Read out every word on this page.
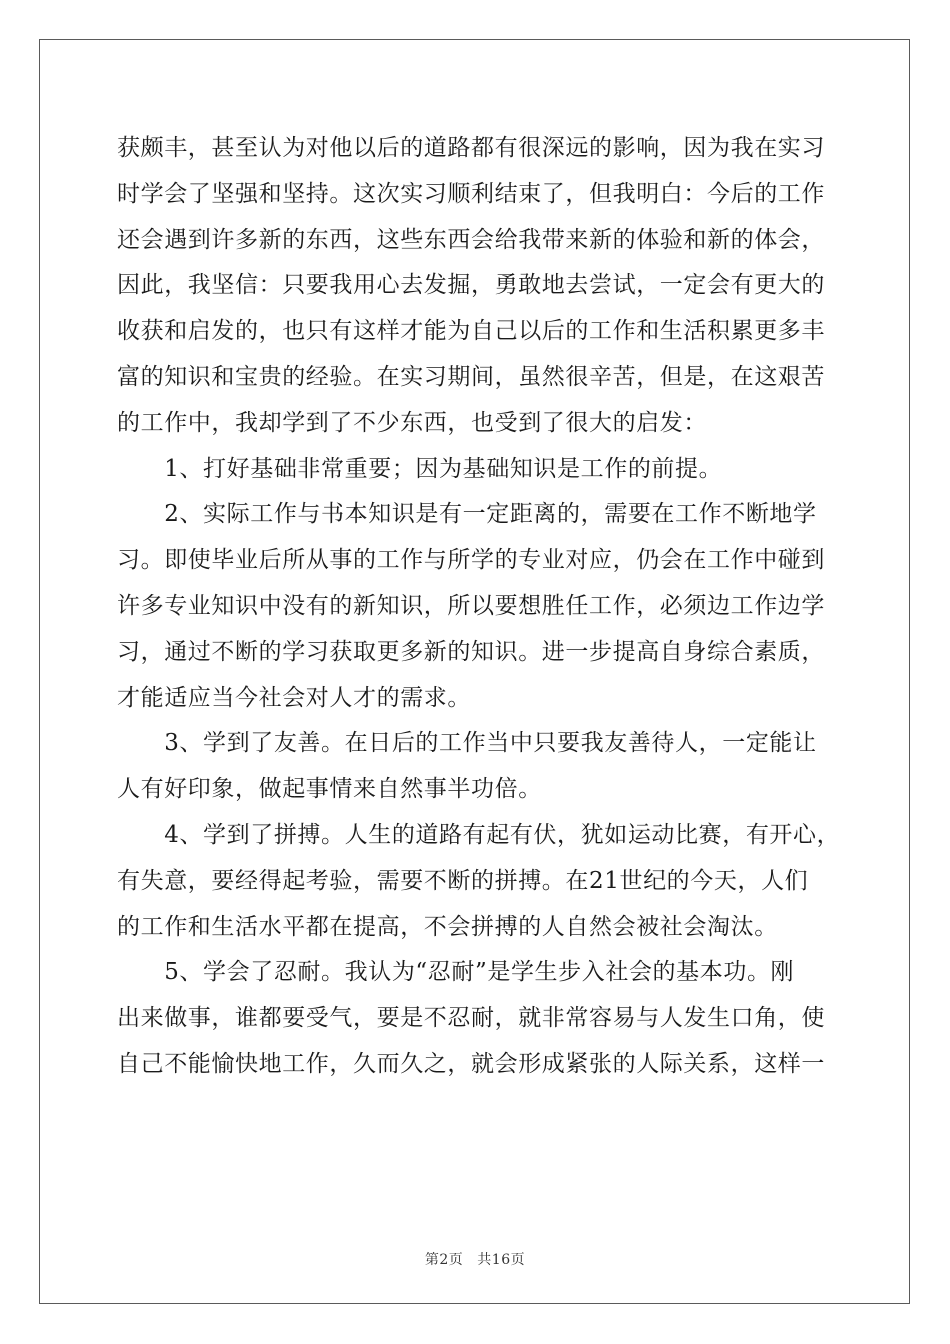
获颇丰，甚至认为对他以后的道路都有很深远的影响，因为我在实习
时学会了坚强和坚持。这次实习顺利结束了，但我明白：今后的工作
还会遇到许多新的东西，这些东西会给我带来新的体验和新的体会，
因此，我坚信：只要我用心去发掘，勇敢地去尝试，一定会有更大的
收获和启发的，也只有这样才能为自己以后的工作和生活积累更多丰
富的知识和宝贵的经验。在实习期间，虽然很辛苦，但是，在这艰苦
的工作中，我却学到了不少东西，也受到了很大的启发：
　　1、打好基础非常重要；因为基础知识是工作的前提。
　　2、实际工作与书本知识是有一定距离的，需要在工作不断地学
习。即使毕业后所从事的工作与所学的专业对应，仍会在工作中碰到
许多专业知识中没有的新知识，所以要想胜任工作，必须边工作边学
习，通过不断的学习获取更多新的知识。进一步提高自身综合素质，
才能适应当今社会对人才的需求。
　　3、学到了友善。在日后的工作当中只要我友善待人，一定能让
人有好印象，做起事情来自然事半功倍。
　　4、学到了拼搏。人生的道路有起有伏，犹如运动比赛，有开心，
有失意，要经得起考验，需要不断的拼搏。在21世纪的今天，人们
的工作和生活水平都在提高，不会拼搏的人自然会被社会淘汰。
　　5、学会了忍耐。我认为“忍耐”是学生步入社会的基本功。刚
出来做事，谁都要受气，要是不忍耐，就非常容易与人发生口角，使
自己不能愉快地工作，久而久之，就会形成紧张的人际关系，这样一

第2页 共16页
